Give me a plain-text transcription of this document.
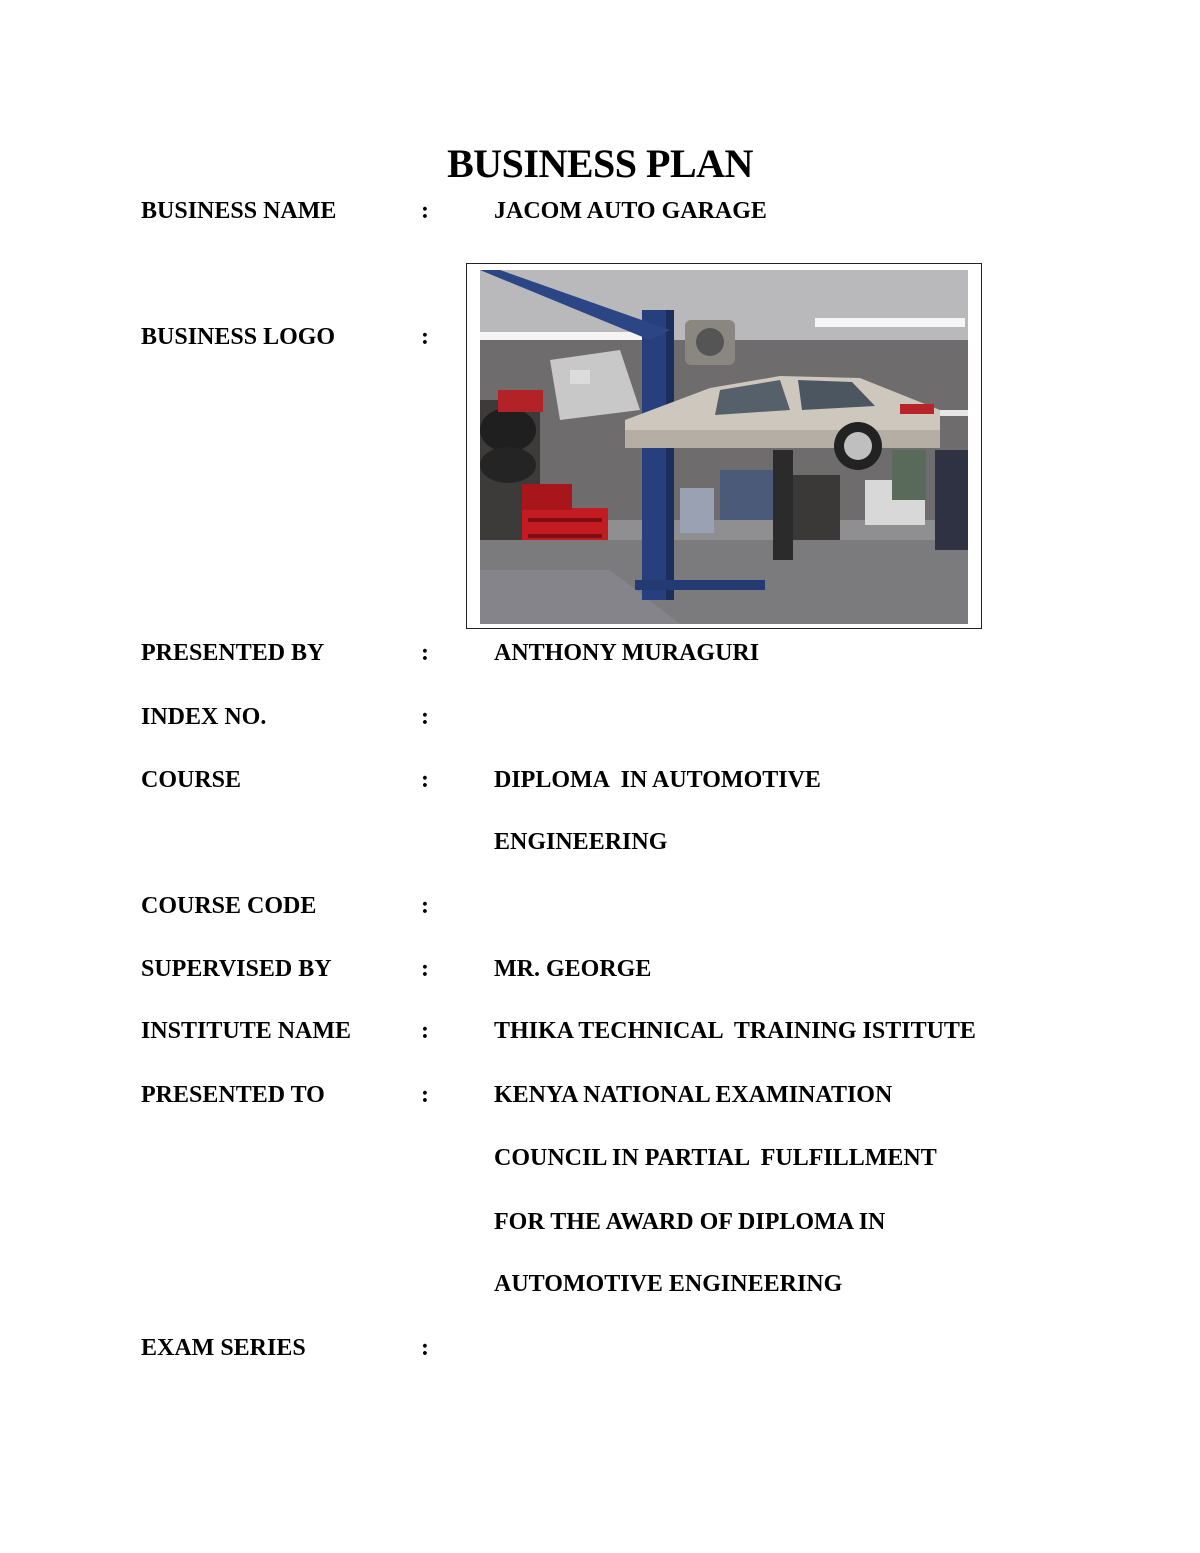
BUSINESS PLAN
BUSINESS NAME	:	JACOM AUTO GARAGE
BUSINESS LOGO	:
PRESENTED BY	:	ANTHONY MURAGURI
INDEX NO.	:
COURSE	:	DIPLOMA  IN AUTOMOTIVE
ENGINEERING
COURSE CODE	:
SUPERVISED BY	:	MR. GEORGE
INSTITUTE NAME	:	THIKA TECHNICAL  TRAINING ISTITUTE
PRESENTED TO	:	KENYA NATIONAL EXAMINATION
COUNCIL IN PARTIAL  FULFILLMENT
FOR THE AWARD OF DIPLOMA IN
AUTOMOTIVE ENGINEERING
EXAM SERIES	:
